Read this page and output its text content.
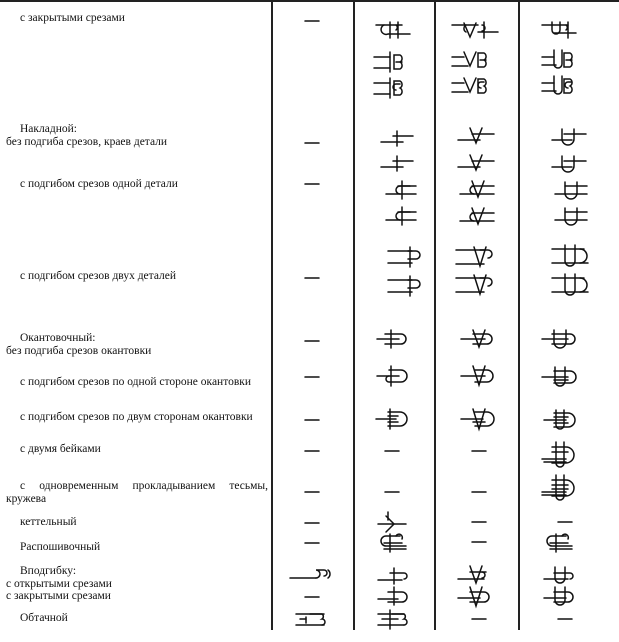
с закрытыми срезами
Накладной:
без подгиба срезов, краев детали
с подгибом срезов одной детали
с подгибом срезов двух деталей
Окантовочный:
без подгиба срезов окантовки
с подгибом срезов по одной стороне окантовки
с подгибом срезов по двум сторонам окантовки
с двумя бейками
с одновременным прокладыванием тесьмы, кружева
кеттельный
Распошивочный
Вподгибку:
с открытыми срезами
с закрытыми срезами
Обтачной
